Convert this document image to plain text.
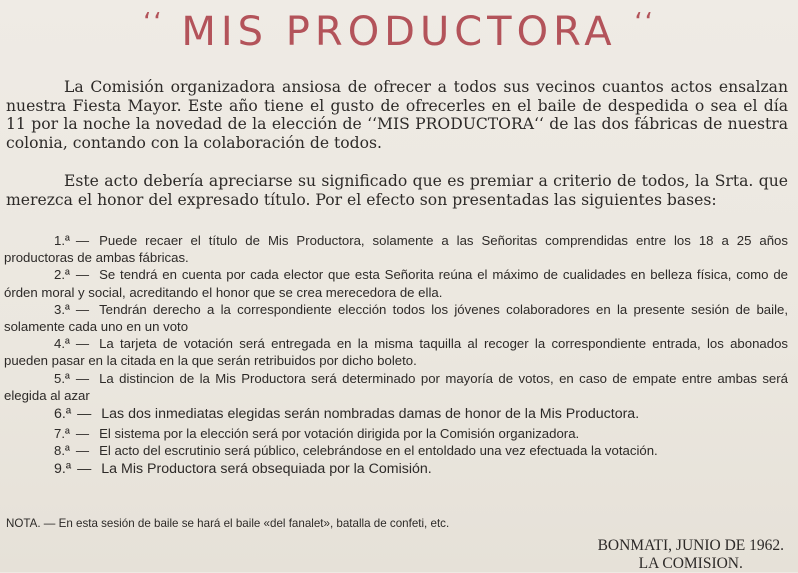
‘‘ MIS PRODUCTORA ‘‘
La Comisión organizadora ansiosa de ofrecer a todos sus vecinos cuantos actos ensalzan nuestra Fiesta Mayor. Este año tiene el gusto de ofrecerles en el baile de despedida o sea el día 11 por la noche la novedad de la elección de ‘‘MIS PRODUCTORA‘‘ de las dos fábricas de nuestra colonia, contando con la colaboración de todos.
Este acto debería apreciarse su significado que es premiar a criterio de todos, la Srta. que merezca el honor del expresado título. Por el efecto son presentadas las siguientes bases:
1.ª — Puede recaer el título de Mis Productora, solamente a las Señoritas comprendidas entre los 18 a 25 años productoras de ambas fábricas.
2.ª — Se tendrá en cuenta por cada elector que esta Señorita reúna el máximo de cualidades en belleza física, como de órden moral y social, acreditando el honor que se crea merecedora de ella.
3.ª — Tendrán derecho a la correspondiente elección todos los jóvenes colaboradores en la presente sesión de baile, solamente cada uno en un voto
4.ª — La tarjeta de votación será entregada en la misma taquilla al recoger la correspondiente entrada, los abonados pueden pasar en la citada en la que serán retribuidos por dicho boleto.
5.ª — La distincion de la Mis Productora será determinado por mayoría de votos, en caso de empate entre ambas será elegida al azar
6.ª — Las dos inmediatas elegidas serán nombradas damas de honor de la Mis Productora.
7.ª — El sistema por la elección será por votación dirigida por la Comisión organizadora.
8.ª — El acto del escrutinio será público, celebrándose en el entoldado una vez efectuada la votación.
9.ª — La Mis Productora será obsequiada por la Comisión.
NOTA. — En esta sesión de baile se hará el baile «del fanalet», batalla de confeti, etc.
BONMATI, JUNIO DE 1962.
LA COMISION.
